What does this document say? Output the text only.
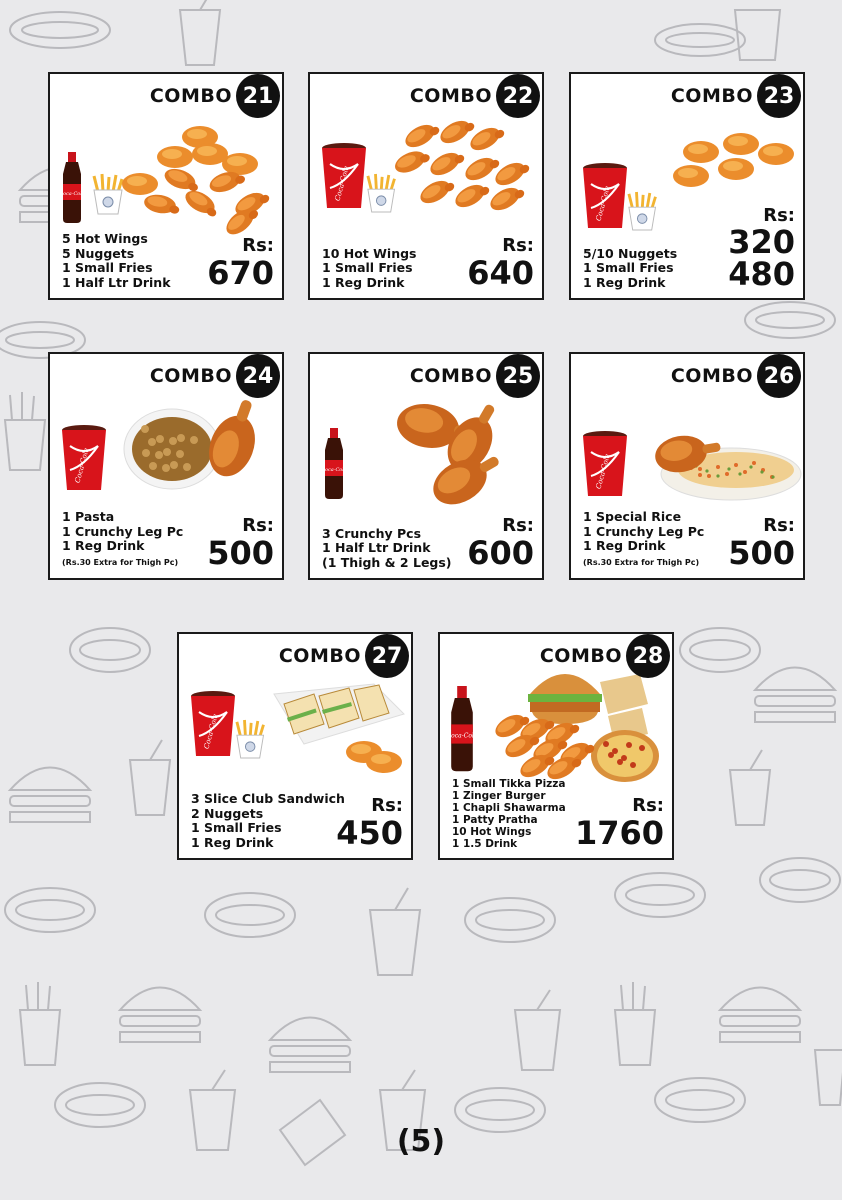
Coca-Cola
COMBO 21
5 Hot Wings
5 Nuggets
1 Small Fries
1 Half Ltr Drink
Rs:
670
Coca-Cola
COMBO 22
10 Hot Wings
1 Small Fries
1 Reg Drink
Rs:
640
Coca-Cola
COMBO 23
5/10 Nuggets
1 Small Fries
1 Reg Drink
Rs:
320
480
Coca-Cola
COMBO 24
1 Pasta
1 Crunchy Leg Pc
1 Reg Drink
(Rs.30 Extra for Thigh Pc)
Rs:
500
Coca-Cola
COMBO 25
3 Crunchy Pcs
1 Half Ltr Drink
(1 Thigh & 2 Legs)
Rs:
600
Coca-Cola
COMBO 26
1 Special Rice
1 Crunchy Leg Pc
1 Reg Drink
(Rs.30 Extra for Thigh Pc)
Rs:
500
Coca-Cola
COMBO 27
3 Slice Club Sandwich
2 Nuggets
1 Small Fries
1 Reg Drink
Rs:
450
Coca-Cola
COMBO 28
1 Small Tikka Pizza
1 Zinger Burger
1 Chapli Shawarma
1 Patty Pratha
10 Hot Wings
1 1.5 Drink
Rs:
1760
(5)
